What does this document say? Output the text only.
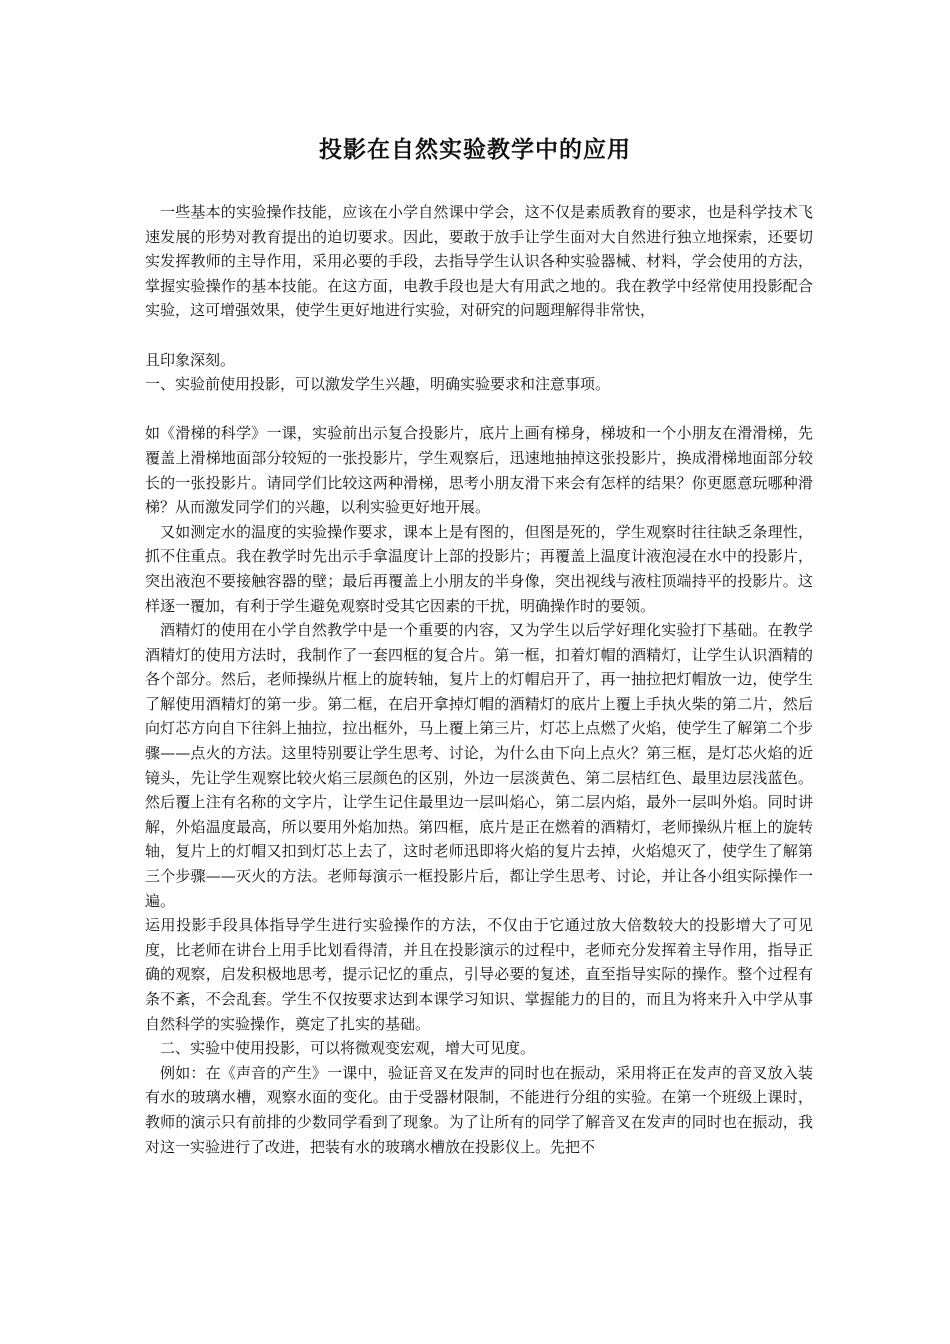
投影在自然实验教学中的应用

一些基本的实验操作技能，应该在小学自然课中学会，这不仅是素质教育的要求，也是科学技术飞速发展的形势对教育提出的迫切要求。因此，要敢于放手让学生面对大自然进行独立地探索，还要切实发挥教师的主导作用，采用必要的手段，去指导学生认识各种实验器械、材料，学会使用的方法，掌握实验操作的基本技能。在这方面，电教手段也是大有用武之地的。我在教学中经常使用投影配合实验，这可增强效果，使学生更好地进行实验，对研究的问题理解得非常快，

且印象深刻。

一、实验前使用投影，可以激发学生兴趣，明确实验要求和注意事项。

如《滑梯的科学》一课，实验前出示复合投影片，底片上画有梯身，梯坡和一个小朋友在滑滑梯，先覆盖上滑梯地面部分较短的一张投影片，学生观察后，迅速地抽掉这张投影片，换成滑梯地面部分较长的一张投影片。请同学们比较这两种滑梯，思考小朋友滑下来会有怎样的结果？你更愿意玩哪种滑梯？从而激发同学们的兴趣，以利实验更好地开展。

又如测定水的温度的实验操作要求，课本上是有图的，但图是死的，学生观察时往往缺乏条理性，抓不住重点。我在教学时先出示手拿温度计上部的投影片；再覆盖上温度计液泡浸在水中的投影片，突出液泡不要接触容器的壁；最后再覆盖上小朋友的半身像，突出视线与液柱顶端持平的投影片。这样逐一覆加，有利于学生避免观察时受其它因素的干扰，明确操作时的要领。

酒精灯的使用在小学自然教学中是一个重要的内容，又为学生以后学好理化实验打下基础。在教学酒精灯的使用方法时，我制作了一套四框的复合片。第一框，扣着灯帽的酒精灯，让学生认识酒精的各个部分。然后，老师操纵片框上的旋转轴，复片上的灯帽启开了，再一抽拉把灯帽放一边，使学生了解使用酒精灯的第一步。第二框，在启开拿掉灯帽的酒精灯的底片上覆上手执火柴的第二片，然后向灯芯方向自下往斜上抽拉，拉出框外，马上覆上第三片，灯芯上点燃了火焰，使学生了解第二个步骤——点火的方法。这里特别要让学生思考、讨论，为什么由下向上点火？第三框，是灯芯火焰的近镜头，先让学生观察比较火焰三层颜色的区别，外边一层淡黄色、第二层桔红色、最里边层浅蓝色。然后覆上注有名称的文字片，让学生记住最里边一层叫焰心，第二层内焰，最外一层叫外焰。同时讲解，外焰温度最高，所以要用外焰加热。第四框，底片是正在燃着的酒精灯，老师操纵片框上的旋转轴，复片上的灯帽又扣到灯芯上去了，这时老师迅即将火焰的复片去掉，火焰熄灭了，使学生了解第三个步骤——灭火的方法。老师每演示一框投影片后，都让学生思考、讨论，并让各小组实际操作一遍。

运用投影手段具体指导学生进行实验操作的方法，不仅由于它通过放大倍数较大的投影增大了可见度，比老师在讲台上用手比划看得清，并且在投影演示的过程中，老师充分发挥着主导作用，指导正确的观察，启发积极地思考，提示记忆的重点，引导必要的复述，直至指导实际的操作。整个过程有条不紊，不会乱套。学生不仅按要求达到本课学习知识、掌握能力的目的，而且为将来升入中学从事自然科学的实验操作，奠定了扎实的基础。

二、实验中使用投影，可以将微观变宏观，增大可见度。

例如：在《声音的产生》一课中，验证音叉在发声的同时也在振动，采用将正在发声的音叉放入装有水的玻璃水槽，观察水面的变化。由于受器材限制，不能进行分组的实验。在第一个班级上课时，教师的演示只有前排的少数同学看到了现象。为了让所有的同学了解音叉在发声的同时也在振动，我对这一实验进行了改进，把装有水的玻璃水槽放在投影仪上。先把不
